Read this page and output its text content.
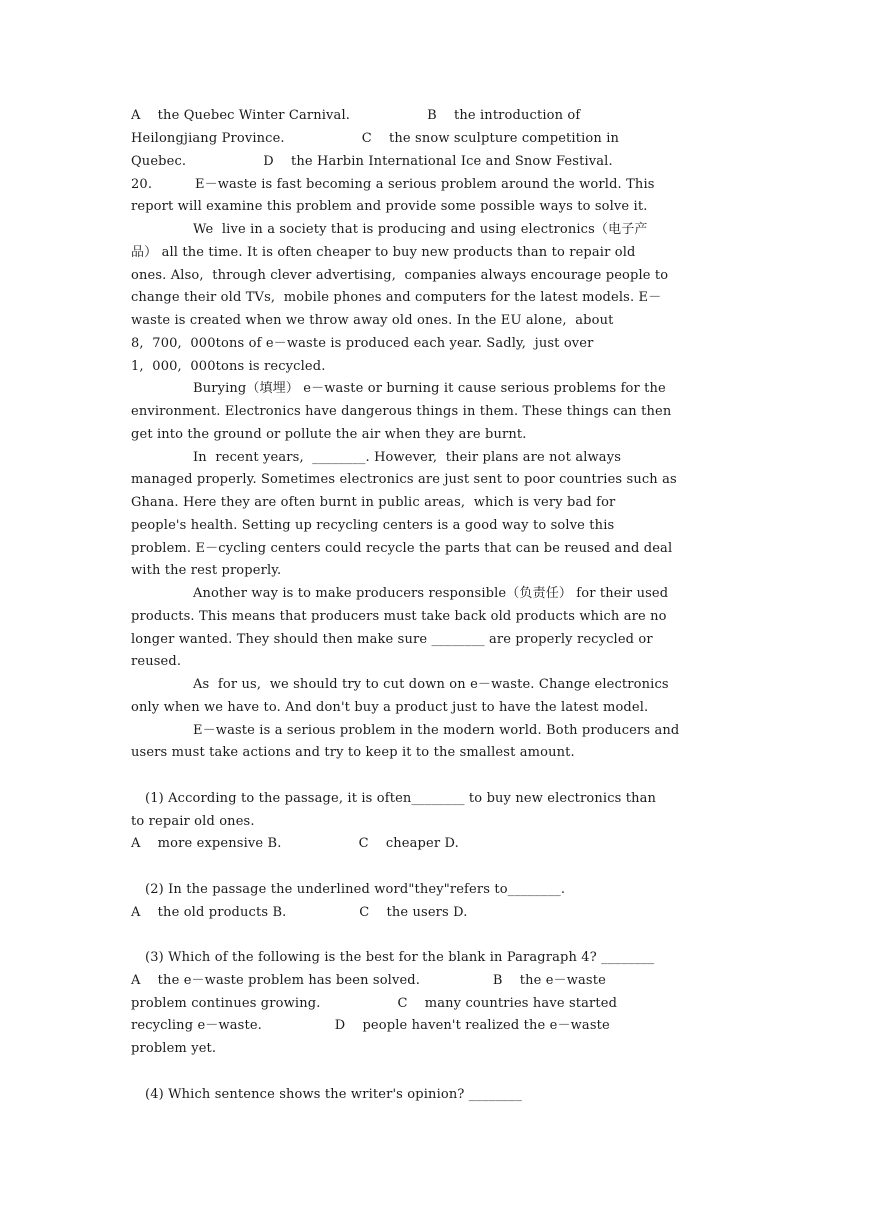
A    the Quebec Winter Carnival.                  B    the introduction of
Heilongjiang Province.                  C    the snow sculpture competition in
Quebec.                  D    the Harbin International Ice and Snow Festival.
20.          E－waste is fast becoming a serious problem around the world. This
report will examine this problem and provide some possible ways to solve it.
We  live in a society that is producing and using electronics（电子产
品） all the time. It is often cheaper to buy new products than to repair old
ones. Also,  through clever advertising,  companies always encourage people to
change their old TVs,  mobile phones and computers for the latest models. E－
waste is created when we throw away old ones. In the EU alone,  about
8,  700,  000tons of e－waste is produced each year. Sadly,  just over
1,  000,  000tons is recycled.
Burying（填埋） e－waste or burning it cause serious problems for the
environment. Electronics have dangerous things in them. These things can then
get into the ground or pollute the air when they are burnt.
In  recent years,  ________. However,  their plans are not always
managed properly. Sometimes electronics are just sent to poor countries such as
Ghana. Here they are often burnt in public areas,  which is very bad for
people's health. Setting up recycling centers is a good way to solve this
problem. E－cycling centers could recycle the parts that can be reused and deal
with the rest properly.
Another way is to make producers responsible（负责任） for their used
products. This means that producers must take back old products which are no
longer wanted. They should then make sure ________ are properly recycled or
reused.
As  for us,  we should try to cut down on e－waste. Change electronics
only when we have to. And don't buy a product just to have the latest model.
E－waste is a serious problem in the modern world. Both producers and
users must take actions and try to keep it to the smallest amount.
(1) According to the passage, it is often________ to buy new electronics than
to repair old ones.
A    more expensive B.                  C    cheaper D.
(2) In the passage the underlined word"they"refers to________.
A    the old products B.                 C    the users D.
(3) Which of the following is the best for the blank in Paragraph 4? ________
A    the e－waste problem has been solved.                 B    the e－waste
problem continues growing.                  C    many countries have started
recycling e－waste.                 D    people haven't realized the e－waste
problem yet.
(4) Which sentence shows the writer's opinion? ________
